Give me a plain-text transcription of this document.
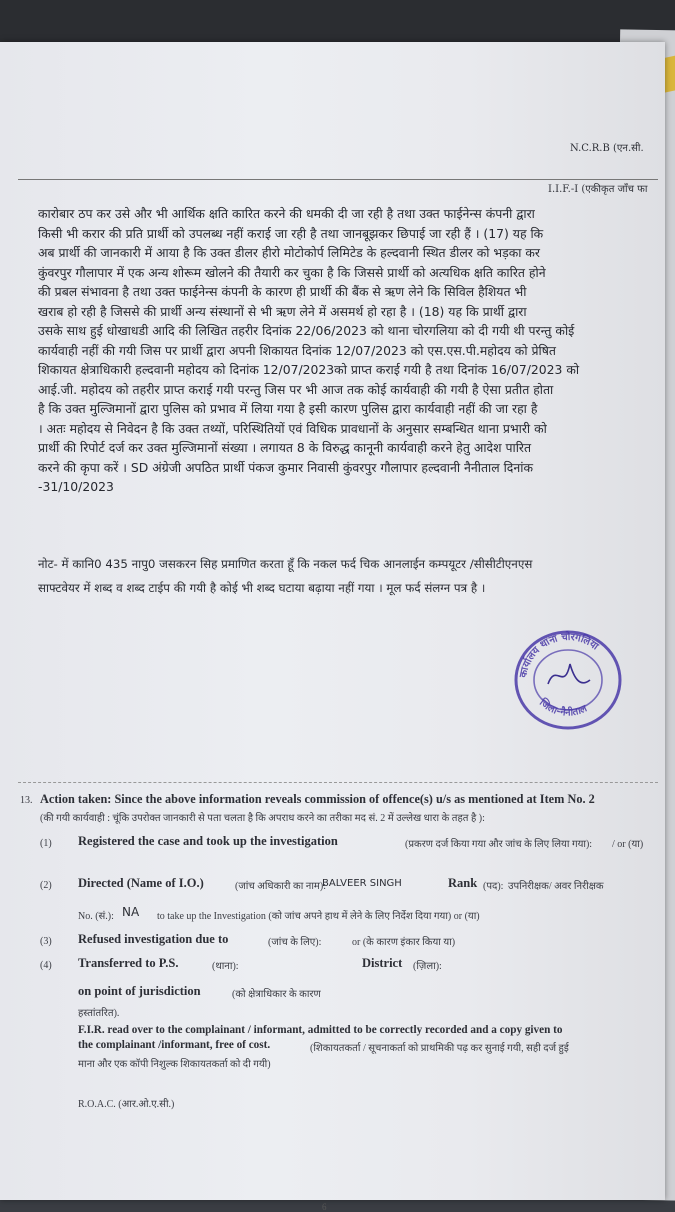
N.C.R.B (एन.सी.
I.I.F.-I (एकीकृत जाँच फा
कारोबार ठप कर उसे और भी आर्थिक क्षति कारित करने की धमकी दी जा रही है तथा उक्त फाईनेन्स कंपनी द्वारा
किसी भी करार की प्रति प्रार्थी को उपलब्ध नहीं कराई जा रही है तथा जानबूझकर छिपाई जा रही हैं । (17) यह कि
अब प्रार्थी की जानकारी में आया है कि उक्त डीलर हीरो मोटोकोर्प लिमिटेड के हल्दवानी स्थित डीलर को भड़का कर
कुंवरपुर गौलापार में एक अन्य शोरूम खोलने की तैयारी कर चुका है कि जिससे प्रार्थी को अत्यधिक क्षति कारित होने
की प्रबल संभावना है तथा उक्त फाईनेन्स कंपनी के कारण ही प्रार्थी की बैंक से ऋण लेने कि सिविल हैशियत भी
खराब हो रही है जिससे की प्रार्थी अन्य संस्थानों से भी ऋण लेने में असमर्थ हो रहा है । (18) यह कि प्रार्थी द्वारा
उसके साथ हुई धोखाधडी आदि की लिखित तहरीर दिनांक 22/06/2023 को थाना चोरगलिया को दी गयी थी परन्तु कोई
कार्यवाही नहीं की गयी जिस पर प्रार्थी द्वारा अपनी शिकायत दिनांक 12/07/2023 को एस.एस.पी.महोदय को प्रेषित
शिकायत क्षेत्राधिकारी हल्दवानी महोदय को दिनांक 12/07/2023को प्राप्त कराई गयी है तथा दिनांक 16/07/2023 को
आई.जी. महोदय को तहरीर प्राप्त कराई गयी परन्तु जिस पर भी आज तक कोई कार्यवाही की गयी है ऐसा प्रतीत होता
है कि उक्त मुल्जिमानों द्वारा पुलिस को प्रभाव में लिया गया है इसी कारण पुलिस द्वारा कार्यवाही नहीं की जा रहा है
। अतः महोदय से निवेदन है कि उक्त तथ्यों, परिस्थितियों एवं विधिक प्रावधानों के अनुसार सम्बन्धित थाना प्रभारी को
प्रार्थी की रिपोर्ट दर्ज कर उक्त मुल्जिमानों संख्या । लगायत 8 के विरुद्ध कानूनी कार्यवाही करने हेतु आदेश पारित
करने की कृपा करें । SD अंग्रेजी अपठित प्रार्थी पंकज कुमार निवासी कुंवरपुर गौलापार हल्दवानी नैनीताल दिनांक
-31/10/2023
नोट- में कानि0 435 नापु0 जसकरन सिह प्रमाणित करता हूँ कि नकल फर्द चिक आनलाईन कम्पयूटर /सीसीटीएनएस
साफ्टवेयर में शब्द व शब्द टाईप की गयी है कोई भी शब्द घटाया बढ़ाया नहीं गया । मूल फर्द संलग्न पत्र है ।
कार्यालय थाना चोरगलिया
जिला-नैनीताल
13. Action taken: Since the above information reveals commission of offence(s) u/s as mentioned at Item No. 2
(की गयी कार्यवाही : चूंकि उपरोक्त जानकारी से पता चलता है कि अपराध करने का तरीका मद सं. 2 में उल्लेख धारा के तहत है ):
(1) Registered the case and took up the investigation	(प्रकरण दर्ज किया गया और जांच के लिए लिया गया): / or (या)
(2) Directed (Name of I.O.)	(जांच अधिकारी का नाम):
BALVEER SINGH	Rank (पद): उपनिरीक्षक/ अवर निरीक्षक
No. (सं.): NA to take up the Investigation (को जांच अपने हाथ में लेने के लिए निर्देश दिया गया) or (या)
(3) Refused investigation due to	(जांच के लिए):	or (के कारण इंकार किया या)
(4) Transferred to P.S.	(थाना):	District (ज़िला):
on point of jurisdiction	(को क्षेत्राधिकार के कारण
हस्तांतरित).
F.I.R. read over to the complainant / informant, admitted to be correctly recorded and a copy given to
the complainant /informant, free of cost.	(शिकायतकर्ता / सूचनाकर्ता को प्राथमिकी पढ़ कर सुनाई गयी, सही दर्ज हुई
माना और एक कॉपी निशुल्क शिकायतकर्ता को दी गयी)
R.O.A.C. (आर.ओ.ए.सी.)
6
